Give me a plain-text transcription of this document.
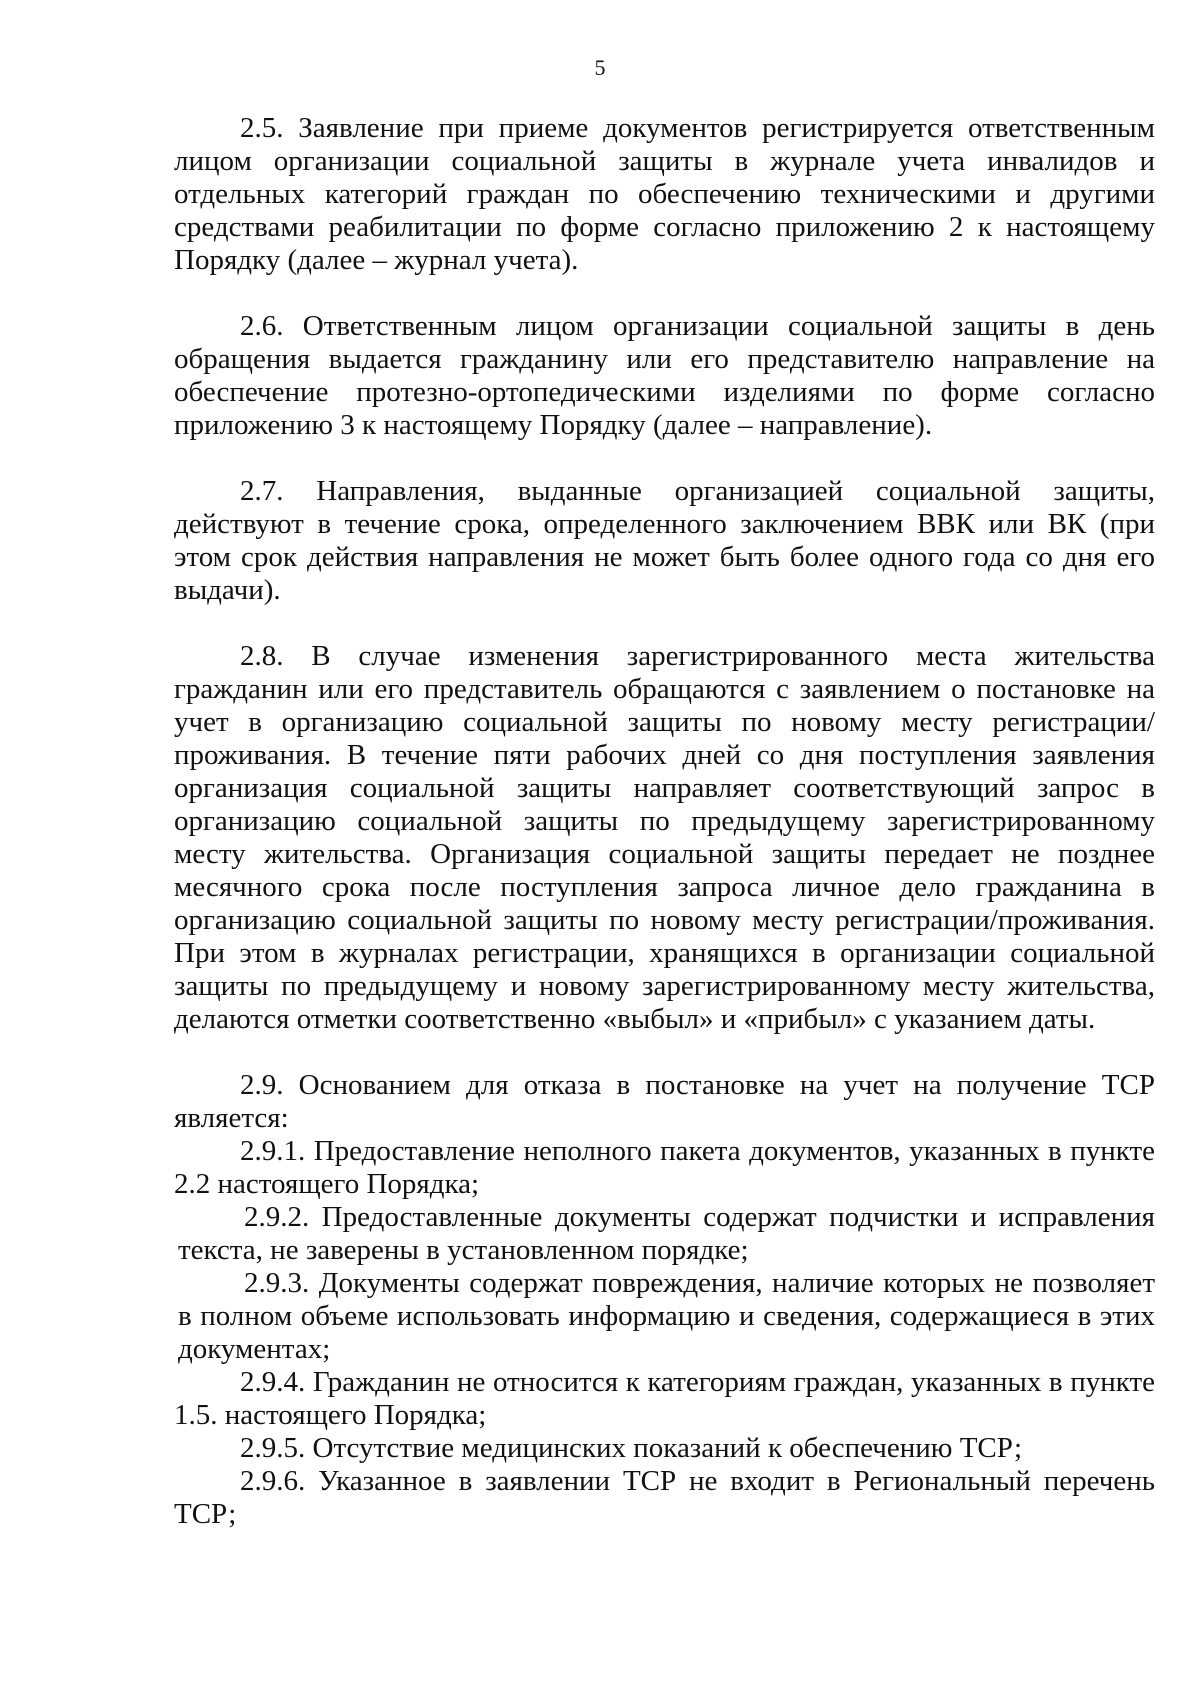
5

2.5. Заявление при приеме документов регистрируется ответственным лицом организации социальной защиты в журнале учета инвалидов и отдельных категорий граждан по обеспечению техническими и другими средствами реабилитации по форме согласно приложению 2 к настоящему Порядку (далее – журнал учета).

2.6. Ответственным лицом организации социальной защиты в день обращения выдается гражданину или его представителю направление на обеспечение протезно-ортопедическими изделиями по форме согласно приложению 3 к настоящему Порядку (далее – направление).

2.7. Направления, выданные организацией социальной защиты, действуют в течение срока, определенного заключением ВВК или ВК (при этом срок действия направления не может быть более одного года со дня его выдачи).

2.8. В случае изменения зарегистрированного места жительства гражданин или его представитель обращаются с заявлением о постановке на учет в организацию социальной защиты по новому месту регистрации/проживания. В течение пяти рабочих дней со дня поступления заявления организация социальной защиты направляет соответствующий запрос в организацию социальной защиты по предыдущему зарегистрированному месту жительства. Организация социальной защиты передает не позднее месячного срока после поступления запроса личное дело гражданина в организацию социальной защиты по новому месту регистрации/проживания. При этом в журналах регистрации, хранящихся в организации социальной защиты по предыдущему и новому зарегистрированному месту жительства, делаются отметки соответственно «выбыл» и «прибыл» с указанием даты.

2.9. Основанием для отказа в постановке на учет на получение ТСР является:

2.9.1. Предоставление неполного пакета документов, указанных в пункте 2.2 настоящего Порядка;

2.9.2. Предоставленные документы содержат подчистки и исправления текста, не заверены в установленном порядке;

2.9.3. Документы содержат повреждения, наличие которых не позволяет в полном объеме использовать информацию и сведения, содержащиеся в этих документах;

2.9.4. Гражданин не относится к категориям граждан, указанных в пункте 1.5. настоящего Порядка;

2.9.5. Отсутствие медицинских показаний к обеспечению ТСР;

2.9.6. Указанное в заявлении ТСР не входит в Региональный перечень ТСР;
